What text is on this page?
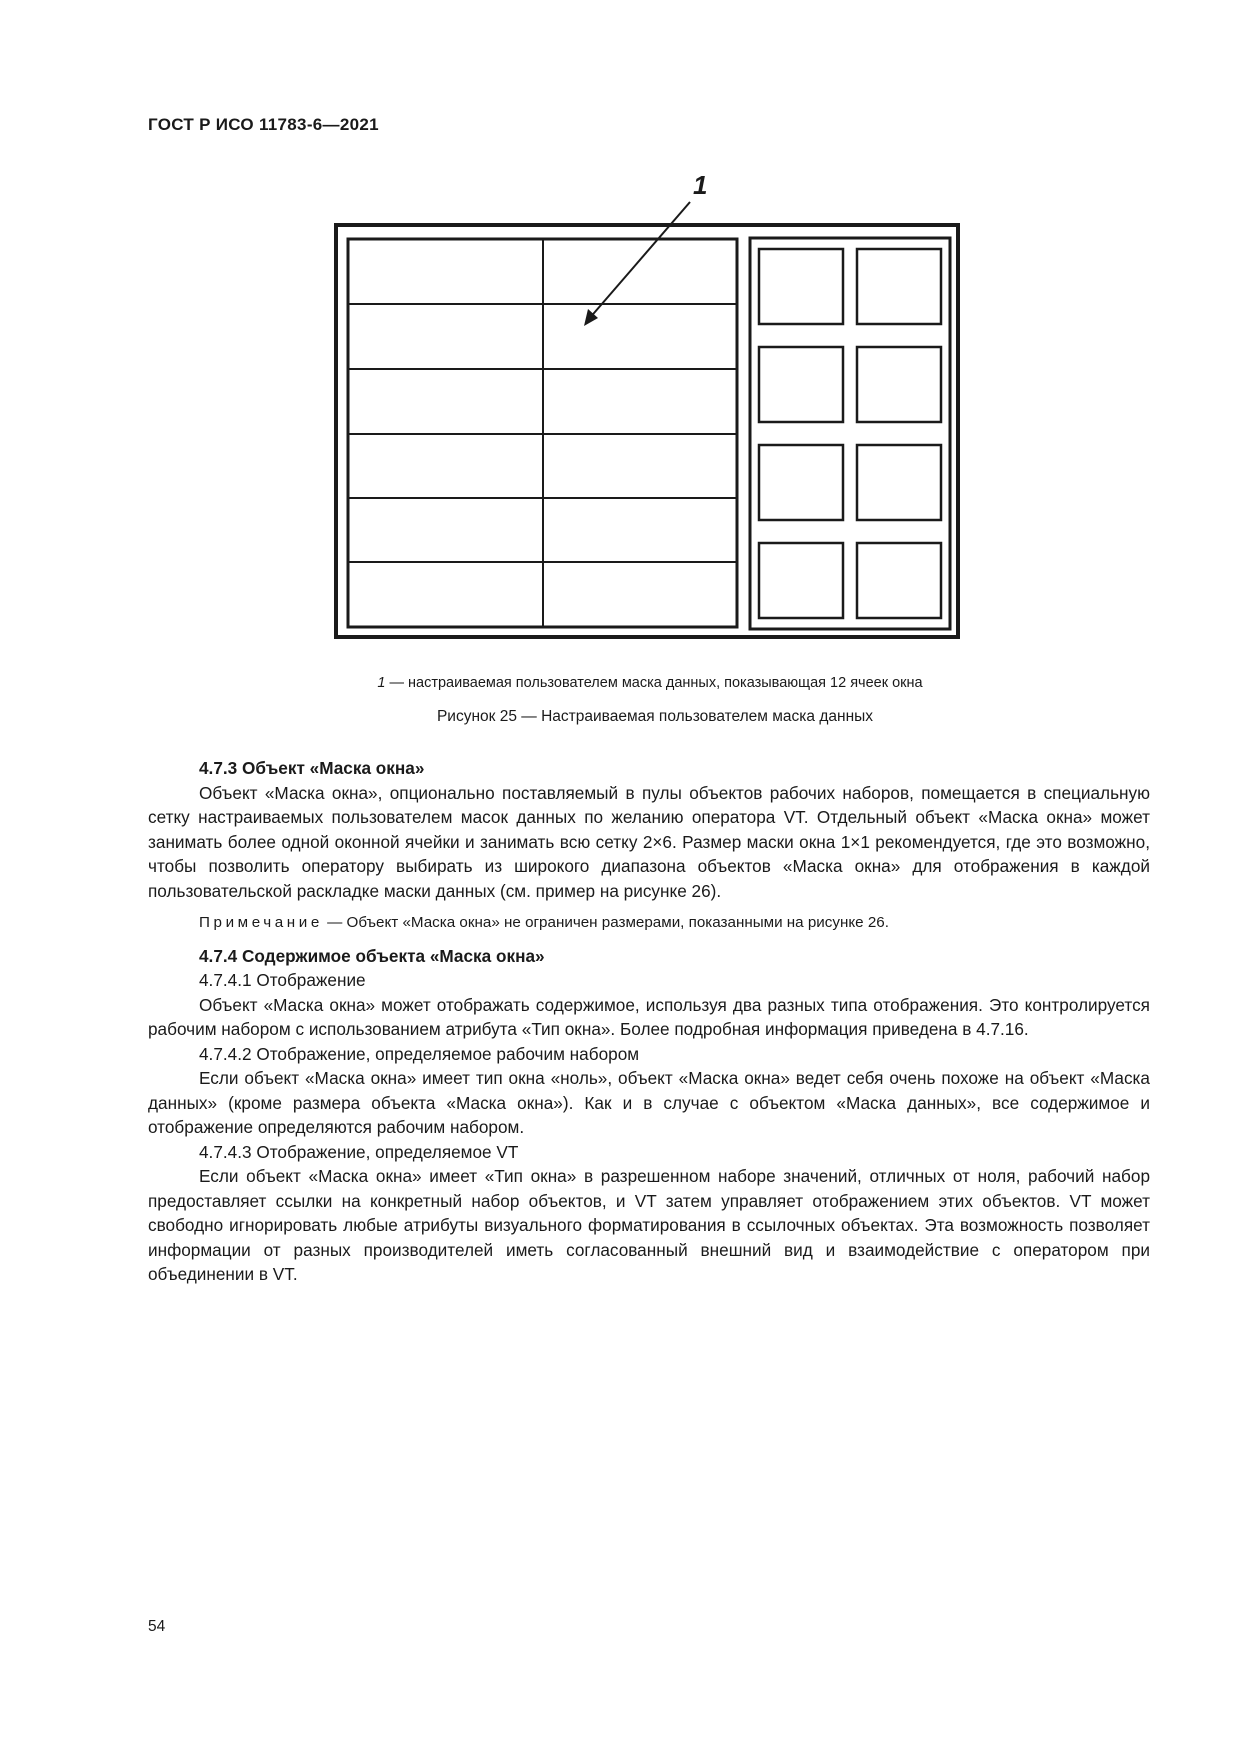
ГОСТ Р ИСО 11783-6—2021
1
1 — настраиваемая пользователем маска данных, показывающая 12 ячеек окна
Рисунок 25 — Настраиваемая пользователем маска данных

4.7.3 Объект «Маска окна»

Объект «Маска окна», опционально поставляемый в пулы объектов рабочих наборов, помещается в специальную сетку настраиваемых пользователем масок данных по желанию оператора VT. Отдельный объект «Маска окна» может занимать более одной оконной ячейки и занимать всю сетку 2×6. Размер маски окна 1×1 рекомендуется, где это возможно, чтобы позволить оператору выбирать из широкого диапазона объектов «Маска окна» для отображения в каждой пользовательской раскладке маски данных (см. пример на рисунке 26).

Примечание — Объект «Маска окна» не ограничен размерами, показанными на рисунке 26.

4.7.4 Содержимое объекта «Маска окна»

4.7.4.1 Отображение

Объект «Маска окна» может отображать содержимое, используя два разных типа отображения. Это контролируется рабочим набором с использованием атрибута «Тип окна». Более подробная информация приведена в 4.7.16.

4.7.4.2 Отображение, определяемое рабочим набором

Если объект «Маска окна» имеет тип окна «ноль», объект «Маска окна» ведет себя очень похоже на объект «Маска данных» (кроме размера объекта «Маска окна»). Как и в случае с объектом «Маска данных», все содержимое и отображение определяются рабочим набором.

4.7.4.3 Отображение, определяемое VT

Если объект «Маска окна» имеет «Тип окна» в разрешенном наборе значений, отличных от ноля, рабочий набор предоставляет ссылки на конкретный набор объектов, и VT затем управляет отображением этих объектов. VT может свободно игнорировать любые атрибуты визуального форматирования в ссылочных объектах. Эта возможность позволяет информации от разных производителей иметь согласованный внешний вид и взаимодействие с оператором при объединении в VT.

54
